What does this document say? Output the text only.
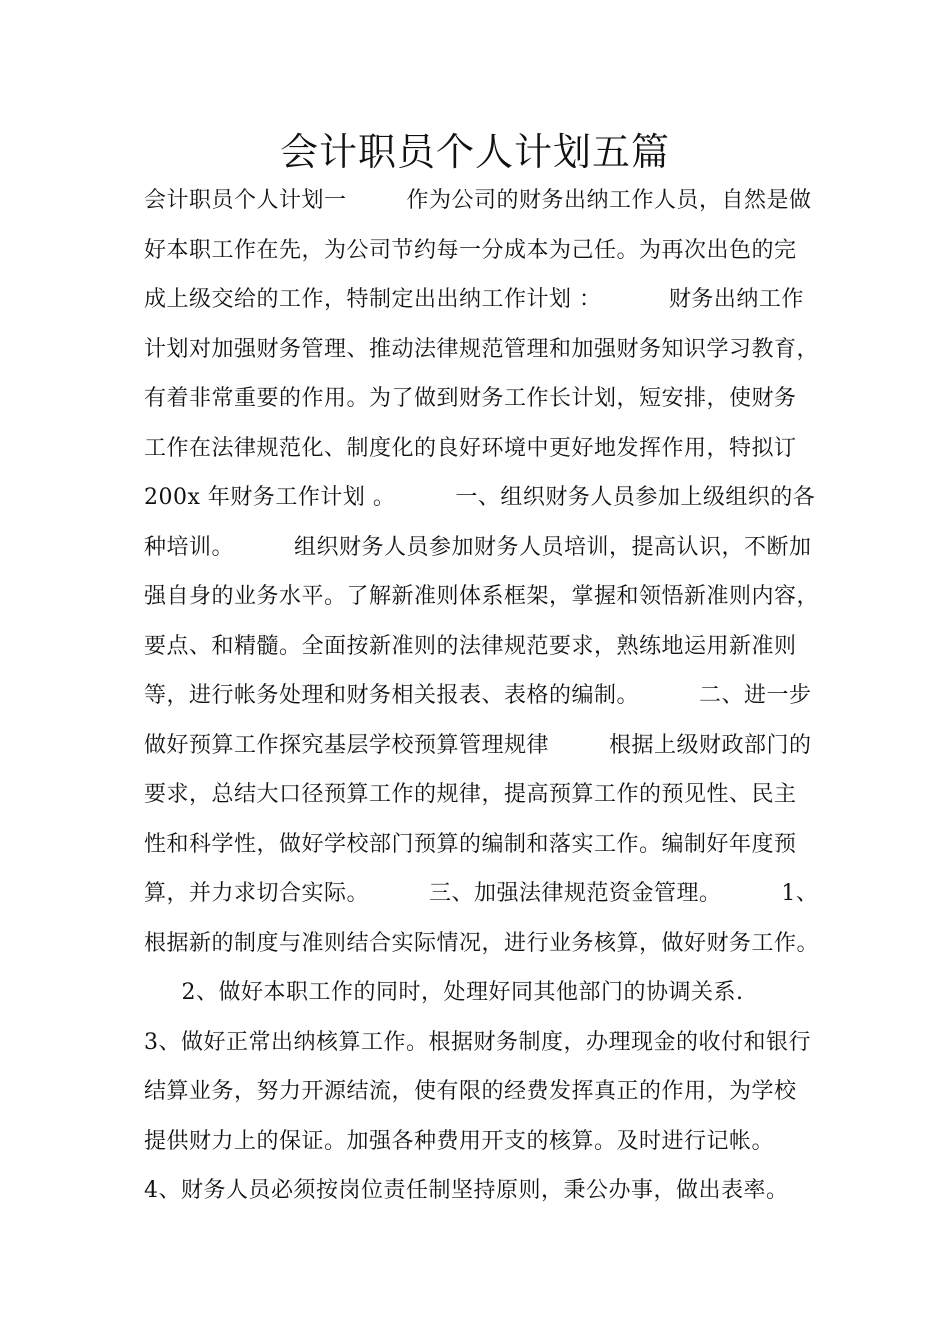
会计职员个人计划五篇
会计职员个人计划一        作为公司的财务出纳工作人员，自然是做
好本职工作在先，为公司节约每一分成本为己任。为再次出色的完
成上级交给的工作，特制定出出纳工作计划 ：         财务出纳工作
计划对加强财务管理、推动法律规范管理和加强财务知识学习教育，
有着非常重要的作用。为了做到财务工作长计划，短安排，使财务
工作在法律规范化、制度化的良好环境中更好地发挥作用，特拟订
200x 年财务工作计划 。        一、组织财务人员参加上级组织的各
种培训。        组织财务人员参加财务人员培训，提高认识，不断加
强自身的业务水平。了解新准则体系框架，掌握和领悟新准则内容，
要点、和精髓。全面按新准则的法律规范要求，熟练地运用新准则
等，进行帐务处理和财务相关报表、表格的编制。        二、进一步
做好预算工作探究基层学校预算管理规律        根据上级财政部门的
要求，总结大口径预算工作的规律，提高预算工作的预见性、民主
性和科学性，做好学校部门预算的编制和落实工作。编制好年度预
算，并力求切合实际。        三、加强法律规范资金管理。        1、
根据新的制度与准则结合实际情况，进行业务核算，做好财务工作。
2、做好本职工作的同时，处理好同其他部门的协调关系.
3、做好正常出纳核算工作。根据财务制度，办理现金的收付和银行
结算业务，努力开源结流，使有限的经费发挥真正的作用，为学校
提供财力上的保证。加强各种费用开支的核算。及时进行记帐。
4、财务人员必须按岗位责任制坚持原则，秉公办事，做出表率。
